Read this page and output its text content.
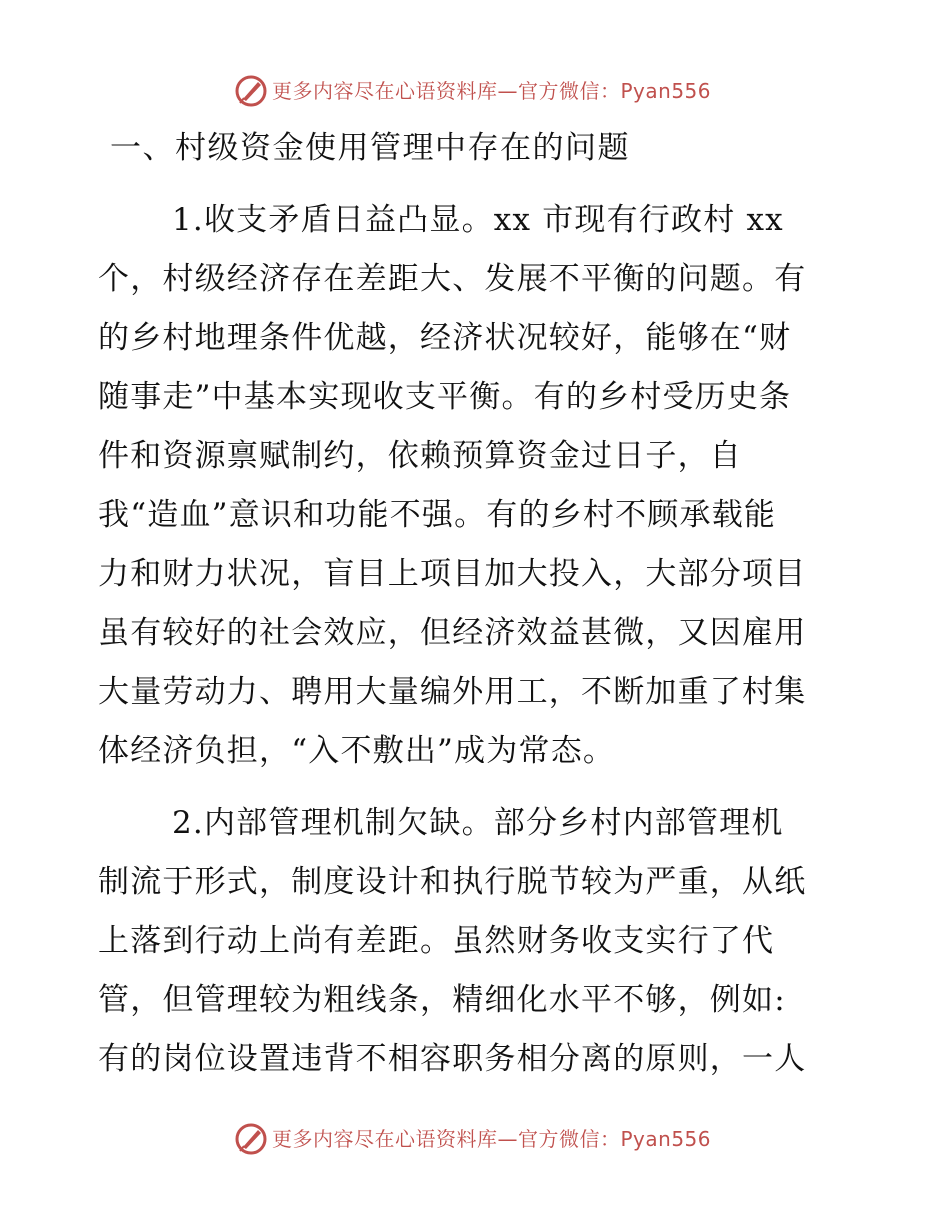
更多内容尽在心语资料库—官方微信：Pyan556
一、村级资金使用管理中存在的问题
1.收支矛盾日益凸显。xx 市现有行政村 xx
个，村级经济存在差距大、发展不平衡的问题。有
的乡村地理条件优越，经济状况较好，能够在“财
随事走”中基本实现收支平衡。有的乡村受历史条
件和资源禀赋制约，依赖预算资金过日子，自
我“造血”意识和功能不强。有的乡村不顾承载能
力和财力状况，盲目上项目加大投入，大部分项目
虽有较好的社会效应，但经济效益甚微，又因雇用
大量劳动力、聘用大量编外用工，不断加重了村集
体经济负担，“入不敷出”成为常态。
2.内部管理机制欠缺。部分乡村内部管理机
制流于形式，制度设计和执行脱节较为严重，从纸
上落到行动上尚有差距。虽然财务收支实行了代
管，但管理较为粗线条，精细化水平不够，例如:
有的岗位设置违背不相容职务相分离的原则，一人
更多内容尽在心语资料库—官方微信：Pyan556
